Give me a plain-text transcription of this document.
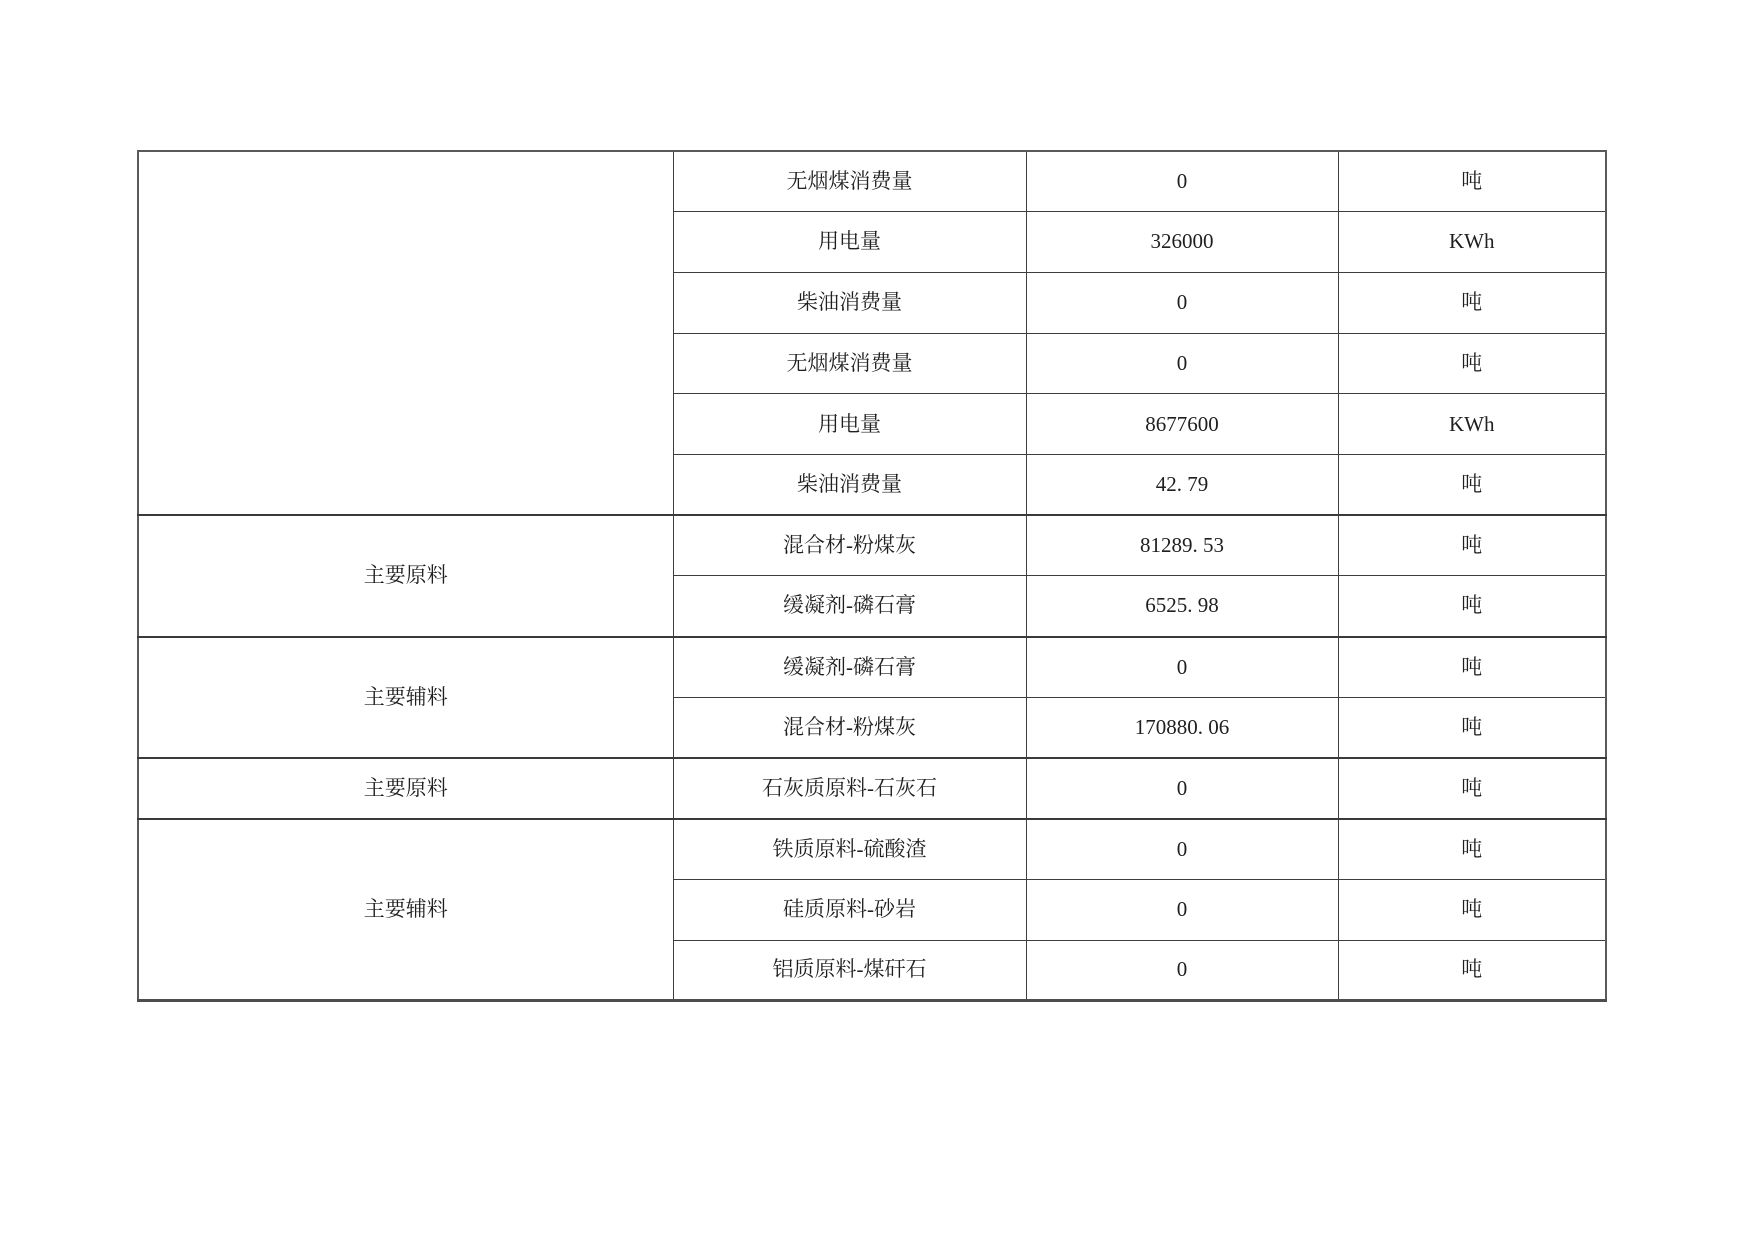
	无烟煤消费量	0	吨
	用电量	326000	KWh
	柴油消费量	0	吨
	无烟煤消费量	0	吨
	用电量	8677600	KWh
	柴油消费量	42. 79	吨
主要原料	混合材-粉煤灰	81289. 53	吨
	缓凝剂-磷石膏	6525. 98	吨
主要辅料	缓凝剂-磷石膏	0	吨
	混合材-粉煤灰	170880. 06	吨
主要原料	石灰质原料-石灰石	0	吨
主要辅料	铁质原料-硫酸渣	0	吨
	硅质原料-砂岩	0	吨
	铝质原料-煤矸石	0	吨
